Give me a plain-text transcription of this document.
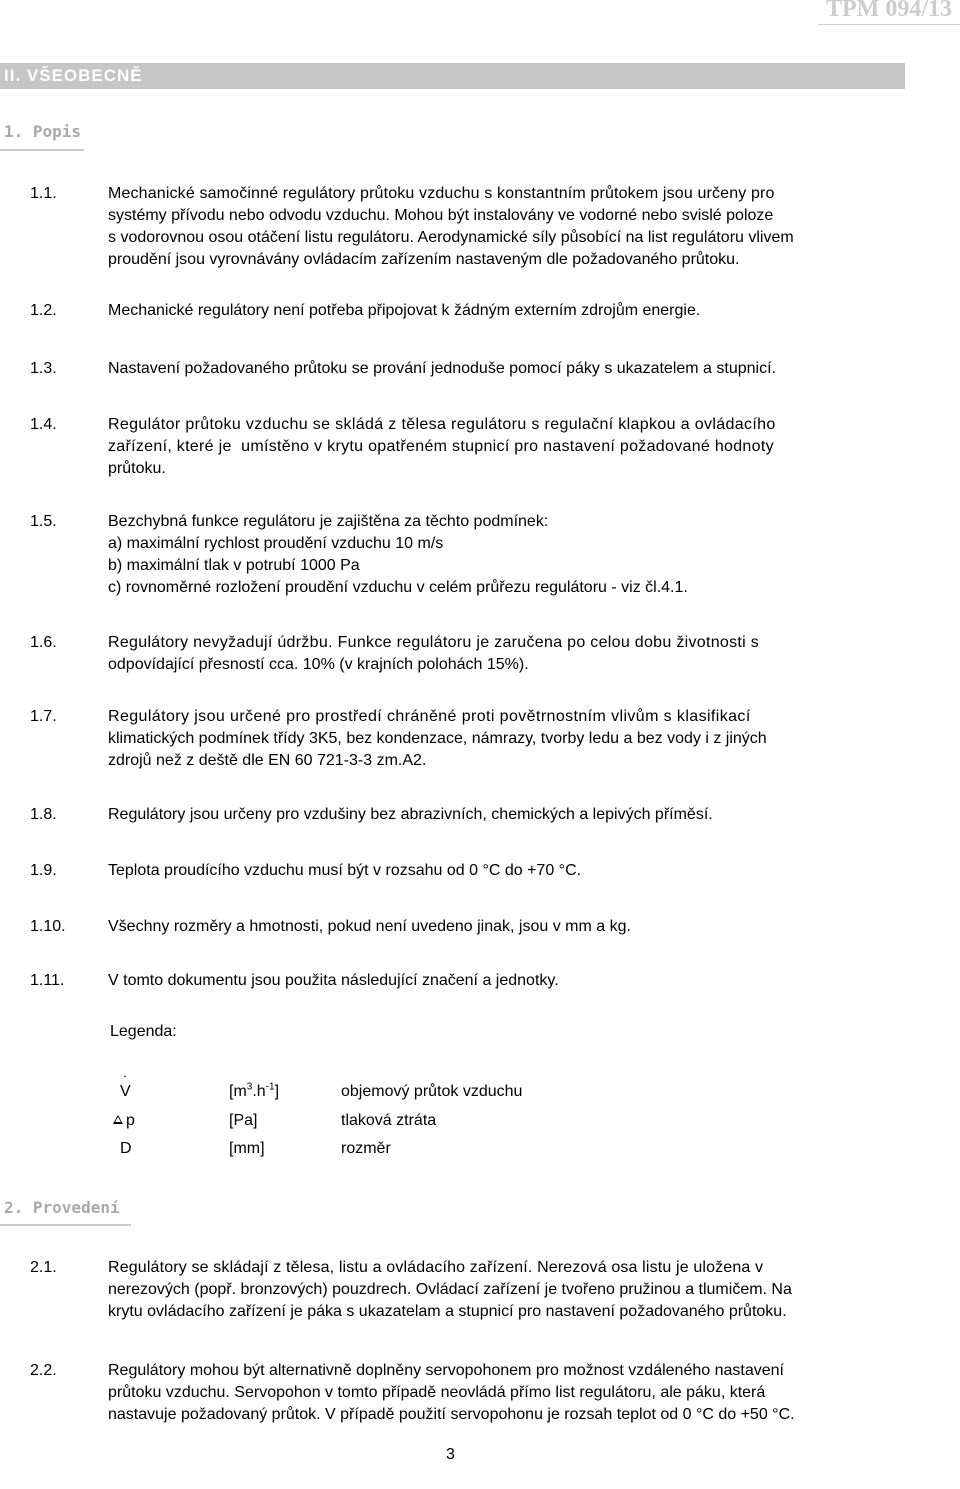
TPM 094/13
II. VŠEOBECNĚ
1. Popis
1.1.	Mechanické samočinné regulátory průtoku vzduchu s konstantním průtokem jsou určeny pro
systémy přívodu nebo odvodu vzduchu. Mohou být instalovány ve vodorné nebo svislé poloze
s vodorovnou osou otáčení listu regulátoru. Aerodynamické síly působící na list regulátoru vlivem
proudění jsou vyrovnávány ovládacím zařízením nastaveným dle požadovaného průtoku.
1.2.	Mechanické regulátory není potřeba připojovat k žádným externím zdrojům energie.
1.3.	Nastavení požadovaného průtoku se prování jednoduše pomocí páky s ukazatelem a stupnicí.
1.4.	Regulátor průtoku vzduchu se skládá z tělesa regulátoru s regulační klapkou a ovládacího
zařízení, které je  umístěno v krytu opatřeném stupnicí pro nastavení požadované hodnoty
průtoku.
1.5.	Bezchybná funkce regulátoru je zajištěna za těchto podmínek:
a) maximální rychlost proudění vzduchu 10 m/s
b) maximální tlak v potrubí 1000 Pa
c) rovnoměrné rozložení proudění vzduchu v celém průřezu regulátoru - viz čl.4.1.
1.6.	Regulátory nevyžadují údržbu. Funkce regulátoru je zaručena po celou dobu životnosti s
odpovídající přesností cca. 10% (v krajních polohách 15%).
1.7.	Regulátory jsou určené pro prostředí chráněné proti povětrnostním vlivům s klasifikací
klimatických podmínek třídy 3K5, bez kondenzace, námrazy, tvorby ledu a bez vody i z jiných
zdrojů než z deště dle EN 60 721-3-3 zm.A2.
1.8.	Regulátory jsou určeny pro vzdušiny bez abrazivních, chemických a lepivých příměsí.
1.9.	Teplota proudícího vzduchu musí být v rozsahu od 0 °C do +70 °C.
1.10.	Všechny rozměry a hmotnosti, pokud není uvedeno jinak, jsou v mm a kg.
1.11.	V tomto dokumentu jsou použita následující značení a jednotky.
Legenda:
˙ V	$[m^3.h^{-1}]$	objemový průtok vzduchu
p	[Pa]	tlaková ztráta
D	[mm]	rozměr
2. Provedení
2.1.	Regulátory se skládají z tělesa, listu a ovládacího zařízení. Nerezová osa listu je uložena v
nerezových (popř. bronzových) pouzdrech. Ovládací zařízení je tvořeno pružinou a tlumičem. Na
krytu ovládacího zařízení je páka s ukazatelam a stupnicí pro nastavení požadovaného průtoku.
2.2.	Regulátory mohou být alternativně doplněny servopohonem pro možnost vzdáleného nastavení
průtoku vzduchu. Servopohon v tomto případě neovládá přímo list regulátoru, ale páku, která
nastavuje požadovaný průtok. V případě použití servopohonu je rozsah teplot od 0 °C do +50 °C.
3
